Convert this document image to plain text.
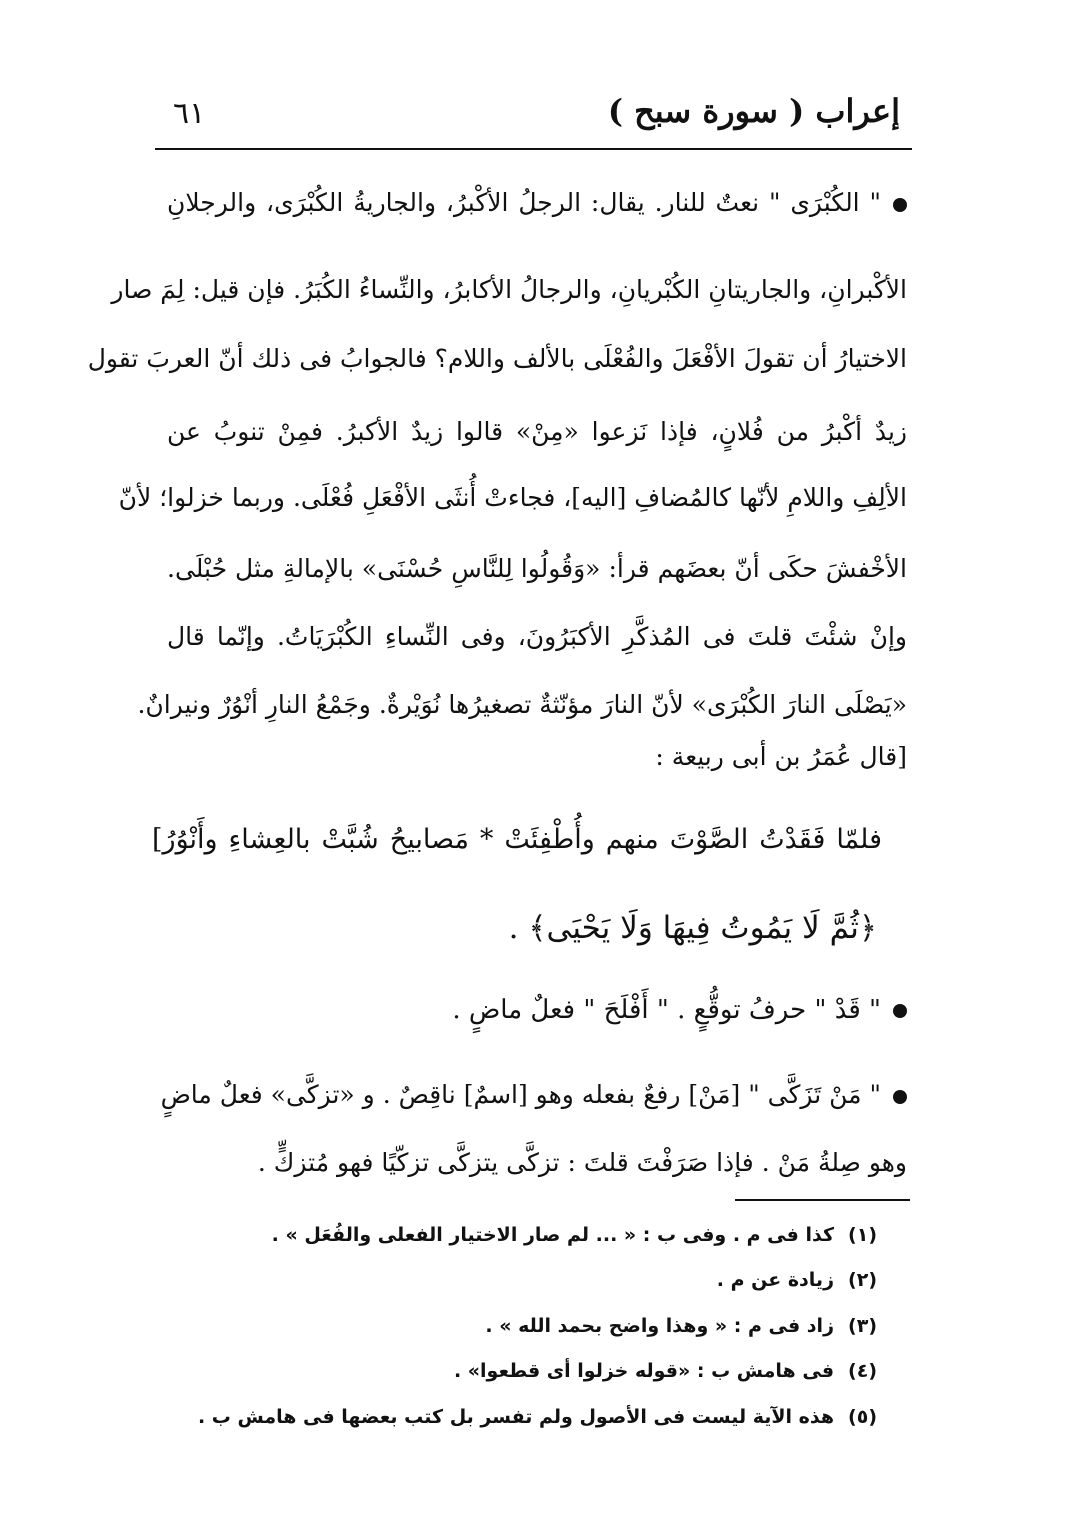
٦١	إعراب ( سورة سبح )
" الكُبْرَى " نعتٌ للنار. يقال: الرجلُ الأكْبرُ، والجاريةُ الكُبْرَى، والرجلانِ
الأكْبرانِ، والجاريتانِ الكُبْريانِ، والرجالُ الأكابرُ، والنِّساءُ الكُبَرُ. فإن قيل: لِمَ صار
الاختيارُ أن تقولَ الأفْعَلَ والفُعْلَى بالألف واللام؟ فالجوابُ فى ذلك أنّ العربَ تقول
زيدٌ أكْبرُ من فُلانٍ، فإذا نَزعوا «مِنْ» قالوا زيدٌ الأكبرُ. فمِنْ تنوبُ عن
الألِفِ واللامِ لأنّها كالمُضافِ [اليه]، فجاءتْ أُنثَى الأفْعَلِ فُعْلَى. وربما خزلوا؛ لأنّ
الأخْفشَ حكَى أنّ بعضَهم قرأ: «وَقُولُوا لِلنَّاسِ حُسْنَى» بالإمالةِ مثل حُبْلَى.
وإنْ شئْتَ قلتَ فى المُذكَّرِ الأكبَرُونَ، وفى النِّساءِ الكُبْرَيَاتُ. وإنّما قال
«يَصْلَى النارَ الكُبْرَى» لأنّ النارَ مؤنّثةٌ تصغيرُها نُوَيْرةٌ. وجَمْعُ النارِ أنْوُرٌ ونيرانٌ.
[قال عُمَرُ بن أبى ربيعة :
فلمّا فَقَدْتُ الصَّوْتَ منهم وأُطْفِئَتْ * مَصابيحُ شُبَّتْ بالعِشاءِ وأَنْوُرُ]
﴿ثُمَّ لَا يَمُوتُ فِيهَا وَلَا يَحْيَى﴾ .
" قَدْ " حرفُ توقُّعٍ . " أَفْلَحَ " فعلٌ ماضٍ .
" مَنْ تَزَكَّى " [مَنْ] رفعٌ بفعله وهو [اسمٌ] ناقِصٌ . و «تزكَّى» فعلٌ ماضٍ
وهو صِلةُ مَنْ . فإذا صَرَفْتَ قلتَ : تزكَّى يتزكَّى تزكّيًا فهو مُتزكٍّ .
(١)كذا فى م . وفى ب : « ... لم صار الاختيار الفعلى والفُعَل » .
(٢)زيادة عن م .
(٣)زاد فى م : « وهذا واضح بحمد الله » .
(٤)فى هامش ب : «قوله خزلوا أى قطعوا» .
(٥)هذه الآية ليست فى الأصول ولم تفسر بل كتب بعضها فى هامش ب .
